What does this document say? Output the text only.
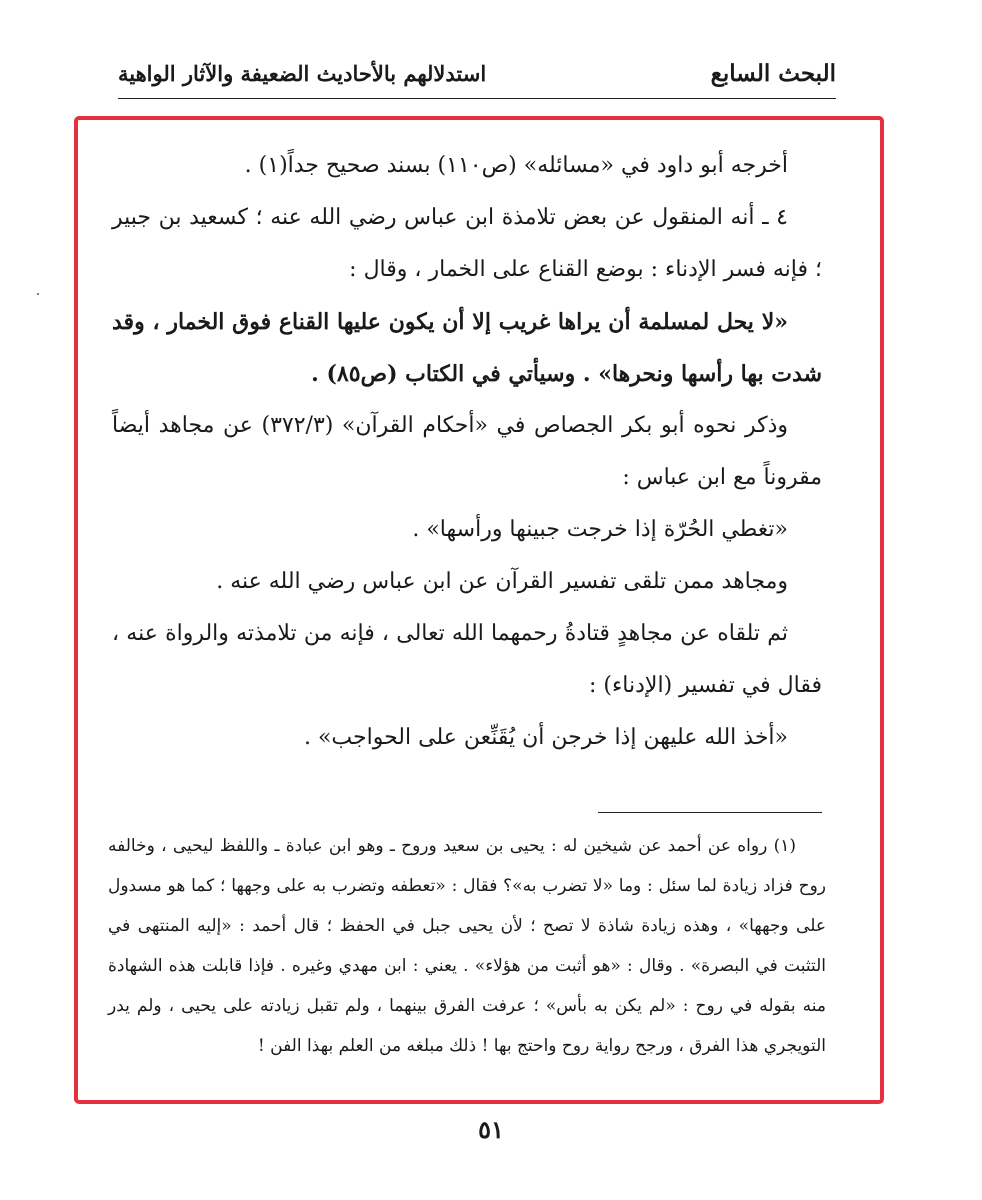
البحث السابع
استدلالهم بالأحاديث الضعيفة والآثار الواهية

أخرجه أبو داود في «مسائله» (ص١١٠) بسند صحيح جداً(١) .

٤ ـ أنه المنقول عن بعض تلامذة ابن عباس رضي الله عنه ؛ كسعيد بن جبير ؛ فإنه فسر الإدناء : بوضع القناع على الخمار ، وقال :

«لا يحل لمسلمة أن يراها غريب إلا أن يكون عليها القناع فوق الخمار ، وقد شدت بها رأسها ونحرها» . وسيأتي في الكتاب (ص٨٥) .

وذكر نحوه أبو بكر الجصاص في «أحكام القرآن» (٣٧٢/٣) عن مجاهد أيضاً مقروناً مع ابن عباس :

«تغطي الحُرّة إذا خرجت جبينها ورأسها» .

ومجاهد ممن تلقى تفسير القرآن عن ابن عباس رضي الله عنه .

ثم تلقاه عن مجاهدٍ قتادةُ رحمهما الله تعالى ، فإنه من تلامذته والرواة عنه ، فقال في تفسير (الإدناء) :

«أخذ الله عليهن إذا خرجن أن يُقَنِّعن على الحواجب» .

(١) رواه عن أحمد عن شيخين له : يحيى بن سعيد وروح ـ وهو ابن عبادة ـ واللفظ ليحيى ، وخالفه روح فزاد زيادة لما سئل : وما «لا تضرب به»؟ فقال : «تعطفه وتضرب به على وجهها ؛ كما هو مسدول على وجهها» ، وهذه زيادة شاذة لا تصح ؛ لأن يحيى جبل في الحفظ ؛ قال أحمد : «إليه المنتهى في التثبت في البصرة» . وقال : «هو أثبت من هؤلاء» . يعني : ابن مهدي وغيره . فإذا قابلت هذه الشهادة منه بقوله في روح : «لم يكن به بأس» ؛ عرفت الفرق بينهما ، ولم تقبل زيادته على يحيى ، ولم يدر التويجري هذا الفرق ، ورجح رواية روح واحتج بها ! ذلك مبلغه من العلم بهذا الفن !

٥١
